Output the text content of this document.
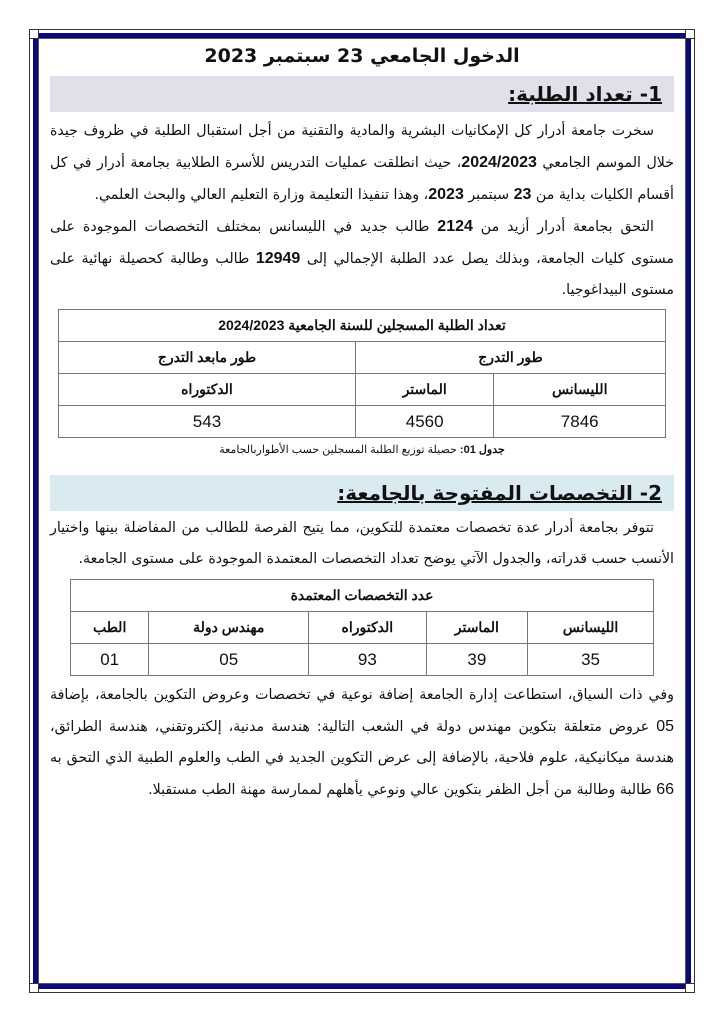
الدخول الجامعي 23 سبتمبر 2023
1- تعداد الطلبة:

سخرت جامعة أدرار كل الإمكانيات البشرية والمادية والتقنية من أجل استقبال الطلبة في ظروف جيدة خلال الموسم الجامعي 2024/2023، حيث انطلقت عمليات التدريس للأسرة الطلابية بجامعة أدرار في كل أقسام الكليات بداية من 23 سبتمبر 2023، وهذا تنفيذا التعليمة وزارة التعليم العالي والبحث العلمي.

التحق بجامعة أدرار أزيد من 2124 طالب جديد في الليسانس بمختلف التخصصات الموجودة على مستوى كليات الجامعة، وبذلك يصل عدد الطلبة الإجمالي إلى 12949 طالب وطالبة كحصيلة نهائية على مستوى البيداغوجيا.

تعداد الطلبة المسجلين للسنة الجامعية 2024/2023		
طور التدرج		طور مابعد التدرج
الليسانس	الماستر	الدكتوراه
7846	4560	543
جدول 01: حصيلة توزيع الطلبة المسجلين حسب الأطواربالجامعة
2- التخصصات المفتوحة بالجامعة:

تتوفر بجامعة أدرار عدة تخصصات معتمدة للتكوين، مما يتيح الفرصة للطالب من المفاضلة بينها واختيار الأنسب حسب قدراته، والجدول الآتي يوضح تعداد التخصصات المعتمدة الموجودة على مستوى الجامعة.

عدد التخصصات المعتمدة				
الليسانس	الماستر	الدكتوراه	مهندس دولة	الطب
35	39	93	05	01

وفي ذات السياق، استطاعت إدارة الجامعة إضافة نوعية في تخصصات وعروض التكوين بالجامعة، بإضافة 05 عروض متعلقة بتكوين مهندس دولة في الشعب التالية: هندسة مدنية، إلكتروتقني، هندسة الطرائق، هندسة ميكانيكية، علوم فلاحية، بالإضافة إلى عرض التكوين الجديد في الطب والعلوم الطبية الذي التحق به 66 طالبة وطالبة من أجل الظفر بتكوين عالي ونوعي يأهلهم لممارسة مهنة الطب مستقبلا.
